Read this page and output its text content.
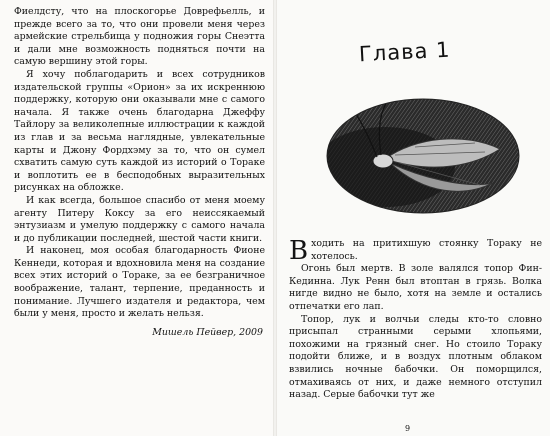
Фиелдсту, что на плоскогорье Доврефьелль, и прежде всего за то, что они провели меня через армейские стрельбища у подножия горы Снеэтта и дали мне возможность подняться почти на самую вершину этой горы.

Я хочу поблагодарить и всех сотрудников издательской группы «Орион» за их искреннюю поддержку, которую они оказывали мне с самого начала. Я также очень благодарна Джеффу Тайлору за великолепные иллюстрации к каждой из глав и за весьма наглядные, увлекательные карты и Джону Фордхэму за то, что он сумел схватить самую суть каждой из историй о Тораке и воплотить ее в бесподобных выразительных рисунках на обложке.

И как всегда, большое спасибо от меня моему агенту Питеру Коксу за его неиссякаемый энтузиазм и умелую поддержку с самого начала и до публикации последней, шестой части книги.

И наконец, моя особая благодарность Фионе Кеннеди, которая и вдохновила меня на создание всех этих историй о Тораке, за ее безграничное воображение, талант, терпение, преданность и понимание. Лучшего издателя и редактора, чем были у меня, просто и желать нельзя.

Мишель Пейвер, 2009

Глава 1

Входить на притихшую стоянку Тораку не хотелось.

Огонь был мертв. В золе валялся топор Фин-Кединна. Лук Ренн был втоптан в грязь. Волка нигде видно не было, хотя на земле и остались отпечатки его лап.

Топор, лук и волчьи следы кто-то словно присыпал странными серыми хлопьями, похожими на грязный снег. Но стоило Тораку подойти ближе, и в воздух плотным облаком взвились ночные бабочки. Он поморщился, отмахиваясь от них, и даже немного отступил назад. Серые бабочки тут же

9
